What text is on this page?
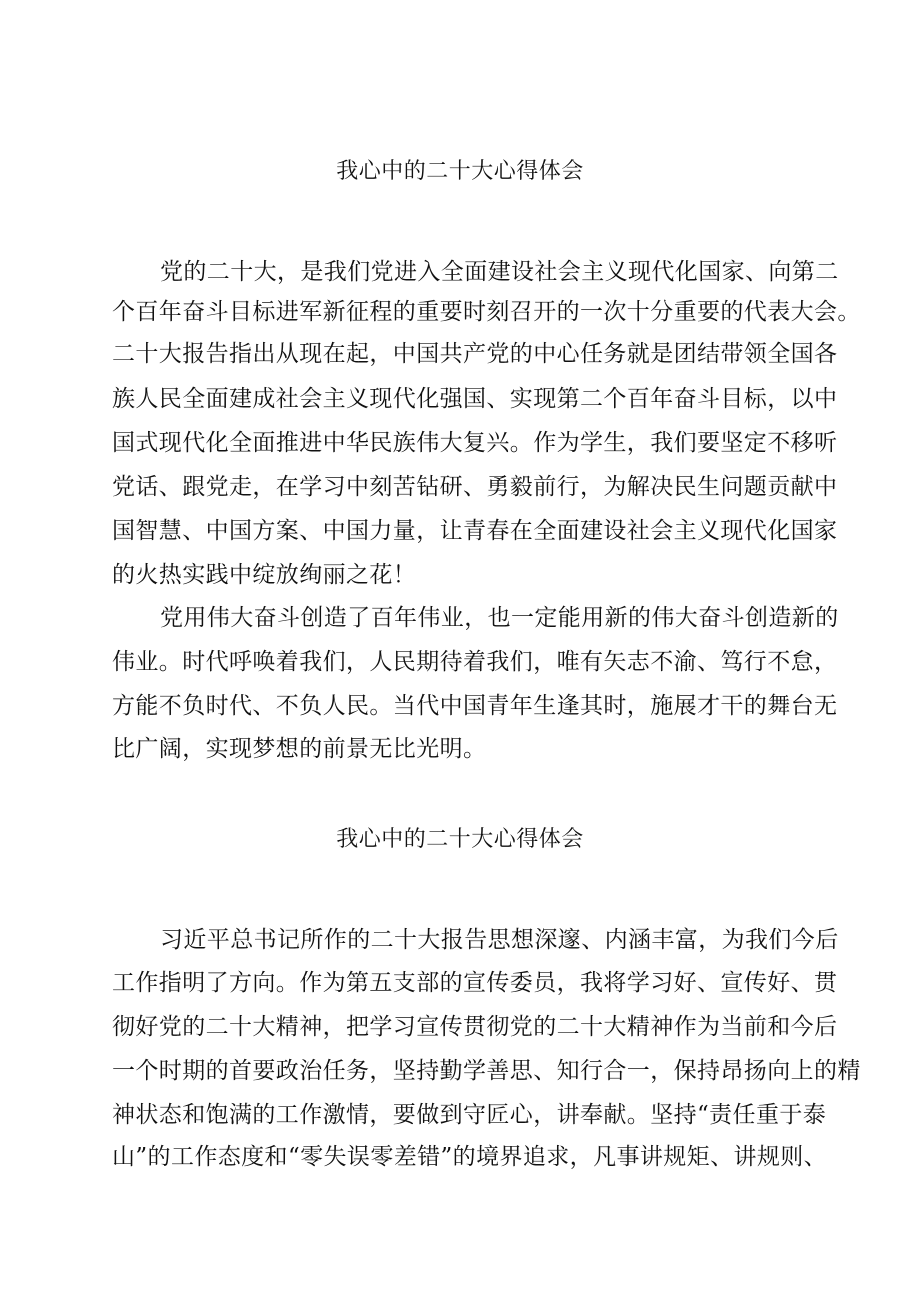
我心中的二十大心得体会
党的二十大，是我们党进入全面建设社会主义现代化国家、向第二
个百年奋斗目标进军新征程的重要时刻召开的一次十分重要的代表大会。
二十大报告指出从现在起，中国共产党的中心任务就是团结带领全国各
族人民全面建成社会主义现代化强国、实现第二个百年奋斗目标，以中
国式现代化全面推进中华民族伟大复兴。作为学生，我们要坚定不移听
党话、跟党走，在学习中刻苦钻研、勇毅前行，为解决民生问题贡献中
国智慧、中国方案、中国力量，让青春在全面建设社会主义现代化国家
的火热实践中绽放绚丽之花！
党用伟大奋斗创造了百年伟业，也一定能用新的伟大奋斗创造新的
伟业。时代呼唤着我们，人民期待着我们，唯有矢志不渝、笃行不怠，
方能不负时代、不负人民。当代中国青年生逢其时，施展才干的舞台无
比广阔，实现梦想的前景无比光明。
我心中的二十大心得体会
习近平总书记所作的二十大报告思想深邃、内涵丰富，为我们今后
工作指明了方向。作为第五支部的宣传委员，我将学习好、宣传好、贯
彻好党的二十大精神，把学习宣传贯彻党的二十大精神作为当前和今后
一个时期的首要政治任务，坚持勤学善思、知行合一，保持昂扬向上的精
神状态和饱满的工作激情，要做到守匠心，讲奉献。坚持“责任重于泰
山”的工作态度和“零失误零差错”的境界追求，凡事讲规矩、讲规则、
